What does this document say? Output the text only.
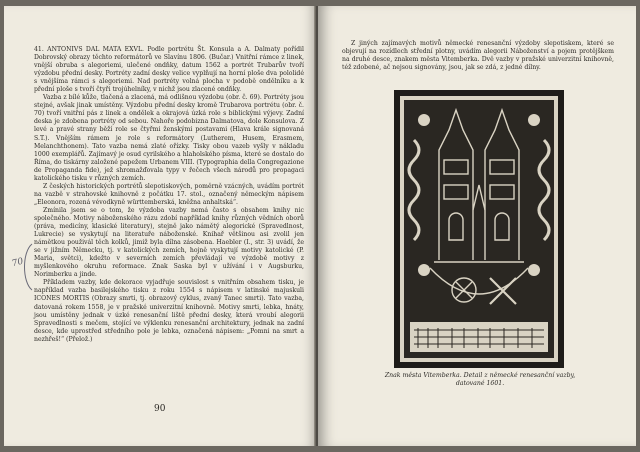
41. ANTONIVS DAL MATA EXVL. Podle portrétu Št. Konsula a A. Dalmaty pořídil Dobrovský obrazy těchto reformátorů ve Slavínu 1806. (Bučar.) Vnitřní rámce z linek, vnější obruba s alegoriemi, ulečené ondňky, datum 1562 a portrét Trubarův tvoří výzdobu přední desky. Portréty zadní desky velice vyplňují na horní ploše dva pololidé s vnějšíma rámci s alegoriemi. Nad portréty volná plocha v podobě ondělníku a k přední ploše s tvoří čtyři trojúhelníky, v nichž jsou zlacené ondňky.

Vazba z bílé kůže, tlačená a zlacená, má odlišnou výzdobu (obr. č. 69). Portréty jsou stejné, avšak jinak umístěny. Výzdobu přední desky kromě Trubarova portrétu (obr. č. 70) tvoří vnitřní pás z linek a ondělek a okrajová úzká role s biblickými výjevy. Zadní deska je zdobena portréty od sebou. Nahoře podobizna Dalmatova, dole Konsulova. Z levé a pravé strany běží role se čtyřmi ženskými postavami (Hlava krále signovaná S.T.). Vnějším rámem je role s reformátory (Lutherem, Husem, Erasmem, Melanchthonem). Tato vazba nemá zlaté ořízky. Tisky obou vazeb vyšly v nákladu 1000 exemplářů. Zajímavý je osud cyrilského a hlaholského písma, které se dostalo do Říma, do tiskárny založené papežem Urbanem VIII. (Typographia della Congregazione de Propaganda fide), jež shromažďovala typy v řečech všech národů pro propagaci katolického tisku v různých zemích.

Z českých historických portrétů slepotiskových, poměrně vzácných, uvádím portrét na vazbě v strahovské knihovně z počátku 17. stol., označený německým nápisem „Eleonora, rozená vévodkyně württemberská, kněžna anhaltská“.

Zmínila jsem se o tom, že výzdoba vazby nemá často s obsahem knihy nic společného. Motivy náboženského rázu zdobí například knihy různých vědních oborů (práva, medicíny, klasické literatury), stejně jako námětý alegorické (Spravedlnost, Lukrecie) se vyskytují na literatuře náboženské. Knihař většinou asi zvolil jen námětkou použivál těch kolků, jimiž byla dílna zásobena. Haebler (I., str. 3) uvádí, že se v jižním Německu, tj. v katolických zemích, hojně vyskytují motivy katolické (P. Maria, světci), kdežto v severních zemích převládají ve výzdobě motivy z myšlenkového okruhu reformace. Znak Saska byl v užívání i v Augsburku, Norimberku a jinde.

Příkladem vazby, kde dekorace vyjadřuje souvislost s vnitřním obsahem tisku, je například vazba basilejského tisku z roku 1554 s nápisem v latinské majuskuli ICONES MORTIS (Obrazy smrti, tj. obrazový cyklus, zvaný Tanec smrti). Tato vazba, datovaná rokem 1558, je v pražské univerzitní knihovně. Motivy smrti, lebka, hnáty, jsou umístěny jednak v úzké renesanční liště přední desky, která vroubí alegorii Spravedlnosti s mečem, stojící ve výklenku renesanční architektury, jednak na zadní desce, kde uprostřed středního pole je lebka, označená nápisem: „Pomni na smrt a nezhřeš!“ (Přelož.)

70
90

Z jiných zajímavých motivů německé renesanční výzdoby slepotiskem, které se objevují na rozídlech střední plotny, uvádím alegorii Náboženství a pojem protějškem na druhé desce, znakem města Vitemberka. Dvě vazby v pražské univerzitní knihovně, též zdobené, ač nejsou signovány, jsou, jak se zdá, z jedné dílny.

Znak města Vitemberka. Detail z německé renesanční vazby,
datované 1601.
